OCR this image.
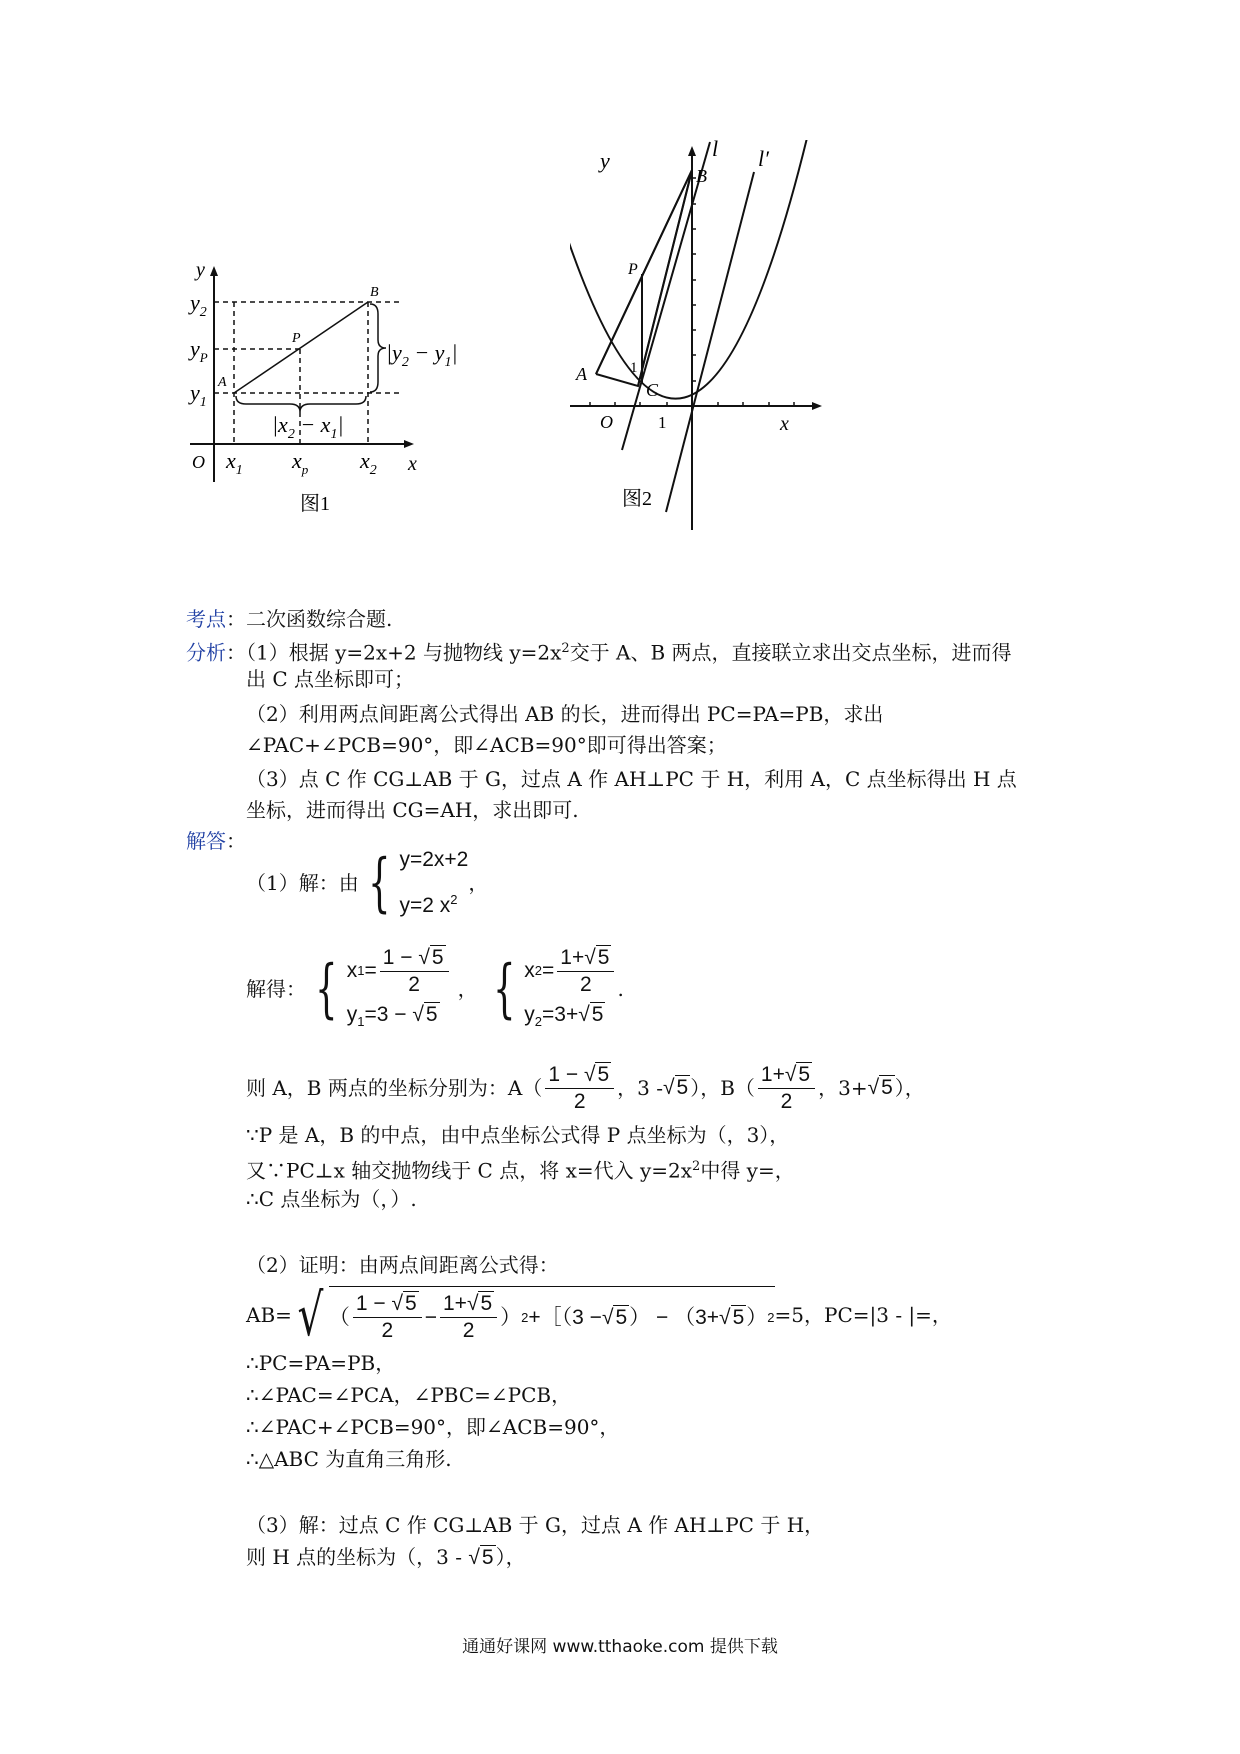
y
x
O
$y_2$
$y_P$
$y_1$
$x_1$ $x_p$ $x_2$
A
B
P
$|y_2 - y_1|$
$|x_2 - x_1|$
图1
y
x
O	1
1
A
B
C
P
l l′
图2
考点：二次函数综合题.
分析：（1）根据 y=2x+2 与抛物线 $y=2x^2$交于 A、B 两点，直接联立求出交点坐标，进而得
出 C 点坐标即可；
（2）利用两点间距离公式得出 AB 的长，进而得出 PC=PA=PB，求出
∠PAC+∠PCB=90°，即∠ACB=90°即可得出答案；
（3）点 C 作 CG⊥AB 于 G，过点 A 作 AH⊥PC 于 H，利用 A，C 点坐标得出 H 点
坐标，进而得出 CG=AH，求出即可.
解答：
（1）解：由 { y=2x+2
y=2 $x^2$
，
解得： { x $1 = \frac{1 - √5}{2}$
$y_1=3 - √5$
， { x $2 = \frac{1+√5}{2}$
$y_2=3+√5$
.
则 A，B 两点的坐标分别为：$A( \frac{1 - √5}{2}$ ，3 - √5 ），$B( \frac{1+√5}{2}$ ，3+ √5 ），
∵P 是 A，B 的中点，由中点坐标公式得 P 点坐标为（，3），
又∵PC⊥x 轴交抛物线于 C 点，将 x=代入 $y=2x^2$中得 y=，
∴C 点坐标为（，）.
（2）证明：由两点间距离公式得：
AB= √ （ $\frac{1 - √5}{2} - \frac{1+√5}{2}$ ） 2 +［（3 − √5 ） − （3+ √5 ） 2 =5，PC=|3 - |=，
∴PC=PA=PB，
∴∠PAC=∠PCA，∠PBC=∠PCB，
∴∠PAC+∠PCB=90°，即∠ACB=90°，
∴△ABC 为直角三角形.
（3）解：过点 C 作 CG⊥AB 于 G，过点 A 作 AH⊥PC 于 H，
则 H 点的坐标为（，3 - √5 ），
通通好课网 www.tthaoke.com 提供下载
